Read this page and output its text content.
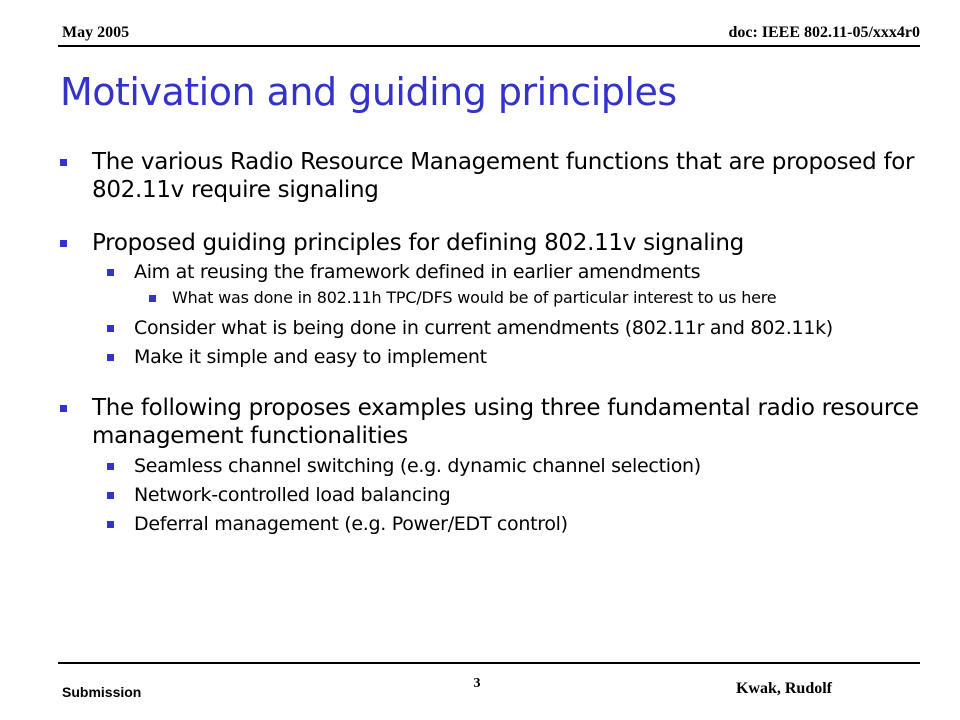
May 2005	doc: IEEE 802.11-05/xxx4r0
Motivation and guiding principles
The various Radio Resource Management functions that are proposed for 802.11v require signaling
Proposed guiding principles for defining 802.11v signaling
Aim at reusing the framework defined in earlier amendments
What was done in 802.11h TPC/DFS would be of particular interest to us here
Consider what is being done in current amendments (802.11r and 802.11k)
Make it simple and easy to implement
The following proposes examples using three fundamental radio resource management functionalities
Seamless channel switching (e.g. dynamic channel selection)
Network-controlled load balancing
Deferral management (e.g. Power/EDT control)
Submission
3	Kwak, Rudolf
